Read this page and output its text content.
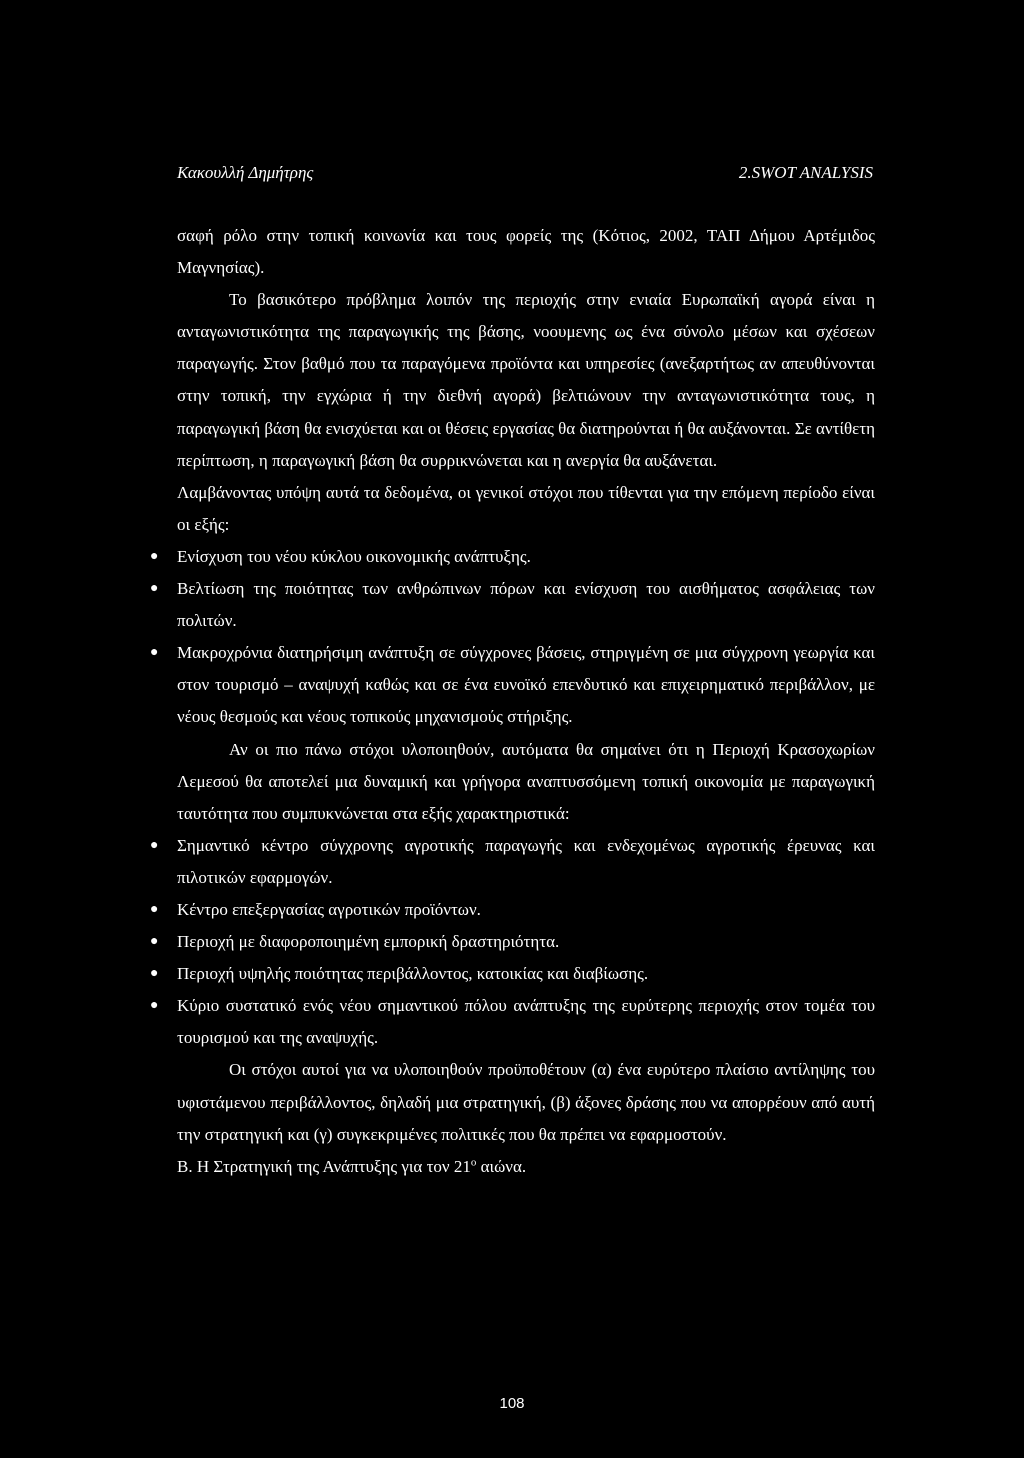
Κακουλλή Δημήτρης	2.SWOT ANALYSIS

σαφή ρόλο στην τοπική κοινωνία και τους φορείς της (Κότιος, 2002, ΤΑΠ Δήμου Αρτέμιδος Μαγνησίας).

Το βασικότερο πρόβλημα λοιπόν της περιοχής στην ενιαία Ευρωπαϊκή αγορά είναι η ανταγωνιστικότητα της παραγωγικής της βάσης, νοουμενης ως ένα σύνολο μέσων και σχέσεων παραγωγής. Στον βαθμό που τα παραγόμενα προϊόντα και υπηρεσίες (ανεξαρτήτως αν απευθύνονται στην τοπική, την εγχώρια ή την διεθνή αγορά) βελτιώνουν την ανταγωνιστικότητα τους, η παραγωγική βάση θα ενισχύεται και οι θέσεις εργασίας θα διατηρούνται ή θα αυξάνονται. Σε αντίθετη περίπτωση, η παραγωγική βάση θα συρρικνώνεται και η ανεργία θα αυξάνεται.

Λαμβάνοντας υπόψη αυτά τα δεδομένα, οι γενικοί στόχοι που τίθενται για την επόμενη περίοδο είναι οι εξής:

● Ενίσχυση του νέου κύκλου οικονομικής ανάπτυξης.
● Βελτίωση της ποιότητας των ανθρώπινων πόρων και ενίσχυση του αισθήματος ασφάλειας των πολιτών.
● Μακροχρόνια διατηρήσιμη ανάπτυξη σε σύγχρονες βάσεις, στηριγμένη σε μια σύγχρονη γεωργία και στον τουρισμό – αναψυχή καθώς και σε ένα ευνοϊκό επενδυτικό και επιχειρηματικό περιβάλλον, με νέους θεσμούς και νέους τοπικούς μηχανισμούς στήριξης.

Αν οι πιο πάνω στόχοι υλοποιηθούν, αυτόματα θα σημαίνει ότι η Περιοχή Κρασοχωρίων Λεμεσού θα αποτελεί μια δυναμική και γρήγορα αναπτυσσόμενη τοπική οικονομία με παραγωγική ταυτότητα που συμπυκνώνεται στα εξής χαρακτηριστικά:

● Σημαντικό κέντρο σύγχρονης αγροτικής παραγωγής και ενδεχομένως αγροτικής έρευνας και πιλοτικών εφαρμογών.
● Κέντρο επεξεργασίας αγροτικών προϊόντων.
● Περιοχή με διαφοροποιημένη εμπορική δραστηριότητα.
● Περιοχή υψηλής ποιότητας περιβάλλοντος, κατοικίας και διαβίωσης.
● Κύριο συστατικό ενός νέου σημαντικού πόλου ανάπτυξης της ευρύτερης περιοχής στον τομέα του τουρισμού και της αναψυχής.

Οι στόχοι αυτοί για να υλοποιηθούν προϋποθέτουν (α) ένα ευρύτερο πλαίσιο αντίληψης του υφιστάμενου περιβάλλοντος, δηλαδή μια στρατηγική, (β) άξονες δράσης που να απορρέουν από αυτή την στρατηγική και (γ) συγκεκριμένες πολιτικές που θα πρέπει να εφαρμοστούν.

Β. Η Στρατηγική της Ανάπτυξης για τον $21^o$ αιώνα.

108
